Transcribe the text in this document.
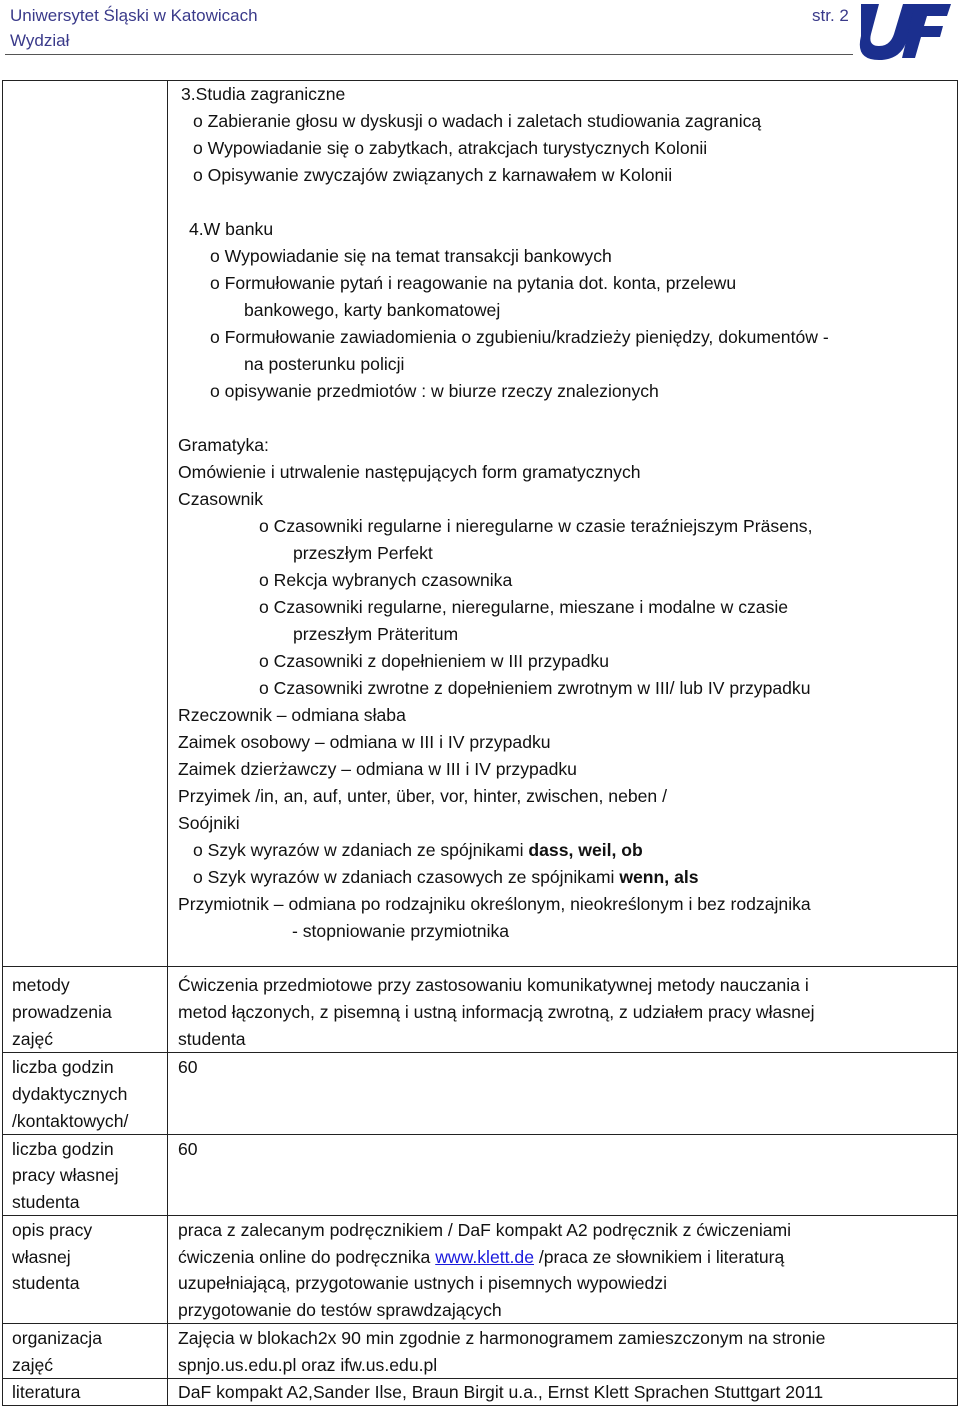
Uniwersytet Śląski w Katowicach
Wydział
str. 2
3.Studia zagraniczne
o Zabieranie głosu w dyskusji o wadach i zaletach studiowania zagranicą
o Wypowiadanie się o zabytkach, atrakcjach turystycznych Kolonii
o Opisywanie zwyczajów związanych z karnawałem w Kolonii
4.W banku
o Wypowiadanie się na temat transakcji bankowych
o Formułowanie pytań i reagowanie na pytania dot. konta, przelewu
bankowego, karty bankomatowej
o Formułowanie zawiadomienia o zgubieniu/kradzieży pieniędzy, dokumentów -
na posterunku policji
o opisywanie przedmiotów : w biurze rzeczy znalezionych
Gramatyka:
Omówienie i utrwalenie następujących form gramatycznych
Czasownik
o Czasowniki regularne i nieregularne w czasie teraźniejszym Präsens,
przeszłym Perfekt
o Rekcja wybranych czasownika
o Czasowniki regularne, nieregularne, mieszane i modalne w czasie
przeszłym Präteritum
o Czasowniki z dopełnieniem w III przypadku
o Czasowniki zwrotne z dopełnieniem zwrotnym w III/ lub IV przypadku
Rzeczownik – odmiana słaba
Zaimek osobowy – odmiana w III i IV przypadku
Zaimek dzierżawczy – odmiana w III i IV przypadku
Przyimek /in, an, auf, unter, über, vor, hinter, zwischen, neben /
Soójniki
o Szyk wyrazów w zdaniach ze spójnikami dass, weil, ob
o Szyk wyrazów w zdaniach czasowych ze spójnikami wenn, als
Przymiotnik – odmiana po rodzajniku określonym, nieokreślonym i bez rodzajnika
- stopniowanie przymiotnika
metody
prowadzenia
zajęć
Ćwiczenia przedmiotowe przy zastosowaniu komunikatywnej metody nauczania i
metod łączonych, z pisemną i ustną informacją zwrotną, z udziałem pracy własnej
studenta
liczba godzin
dydaktycznych
/kontaktowych/
60
liczba godzin
pracy własnej
studenta
60
opis pracy
własnej
studenta
praca z zalecanym podręcznikiem / DaF kompakt A2 podręcznik z ćwiczeniami
ćwiczenia online do podręcznika www.klett.de /praca ze słownikiem i literaturą
uzupełniającą, przygotowanie ustnych i pisemnych wypowiedzi
przygotowanie do testów sprawdzających
organizacja
zajęć
Zajęcia w blokach2x 90 min zgodnie z harmonogramem zamieszczonym na stronie
spnjo.us.edu.pl oraz ifw.us.edu.pl
literatura	DaF kompakt A2,Sander Ilse, Braun Birgit u.a., Ernst Klett Sprachen Stuttgart 2011
